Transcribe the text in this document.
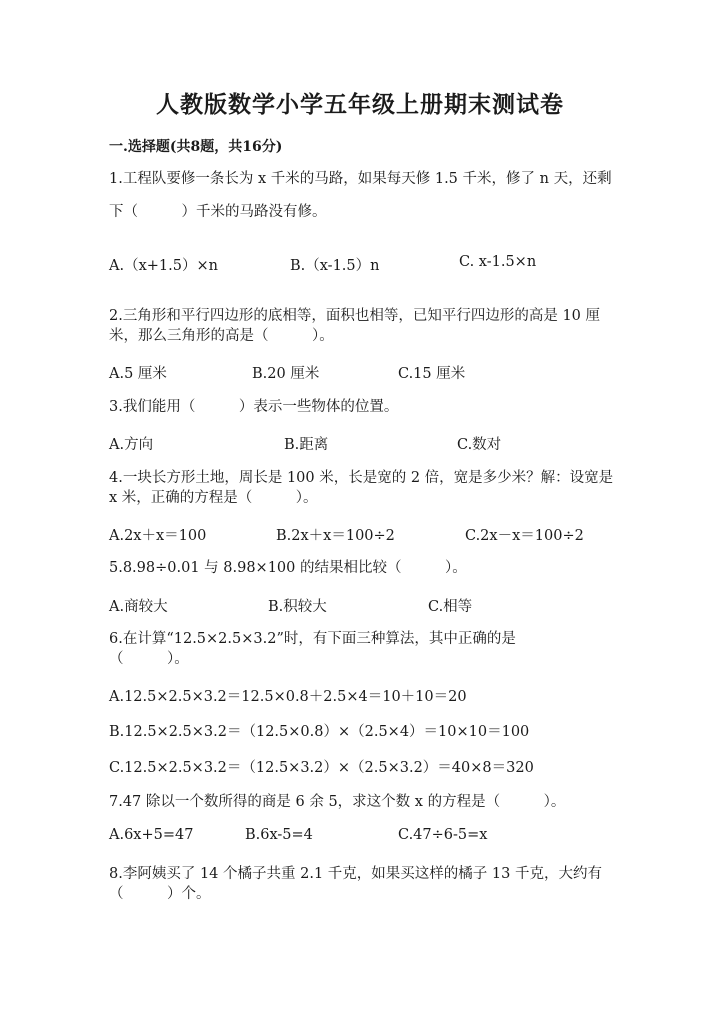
人教版数学小学五年级上册期末测试卷
一.选择题(共8题，共16分)
1.工程队要修一条长为 x 千米的马路，如果每天修 1.5 千米，修了 n 天，还剩
下（　　　）千米的马路没有修。
A.（x+1.5）×n	B.（x-1.5）n	C. x-1.5×n
2.三角形和平行四边形的底相等，面积也相等，已知平行四边形的高是 10 厘
米，那么三角形的高是（　　　）。
A.5 厘米	B.20 厘米	C.15 厘米
3.我们能用（　　　）表示一些物体的位置。
A.方向	B.距离	C.数对
4.一块长方形土地，周长是 100 米，长是宽的 2 倍，宽是多少米？解：设宽是
x 米，正确的方程是（　　　）。
A.2x＋x＝100	B.2x＋x＝100÷2	C.2x－x＝100÷2
5.8.98÷0.01 与 8.98×100 的结果相比较（　　　）。
A.商较大	B.积较大	C.相等
6.在计算“12.5×2.5×3.2”时，有下面三种算法，其中正确的是
（　　　）。
A.12.5×2.5×3.2＝12.5×0.8＋2.5×4＝10＋10＝20
B.12.5×2.5×3.2＝（12.5×0.8）×（2.5×4）＝10×10＝100
C.12.5×2.5×3.2＝（12.5×3.2）×（2.5×3.2）＝40×8＝320
7.47 除以一个数所得的商是 6 余 5，求这个数 x 的方程是（　　　）。
A.6x+5=47	B.6x-5=4	C.47÷6-5=x
8.李阿姨买了 14 个橘子共重 2.1 千克，如果买这样的橘子 13 千克，大约有
（　　　）个。
